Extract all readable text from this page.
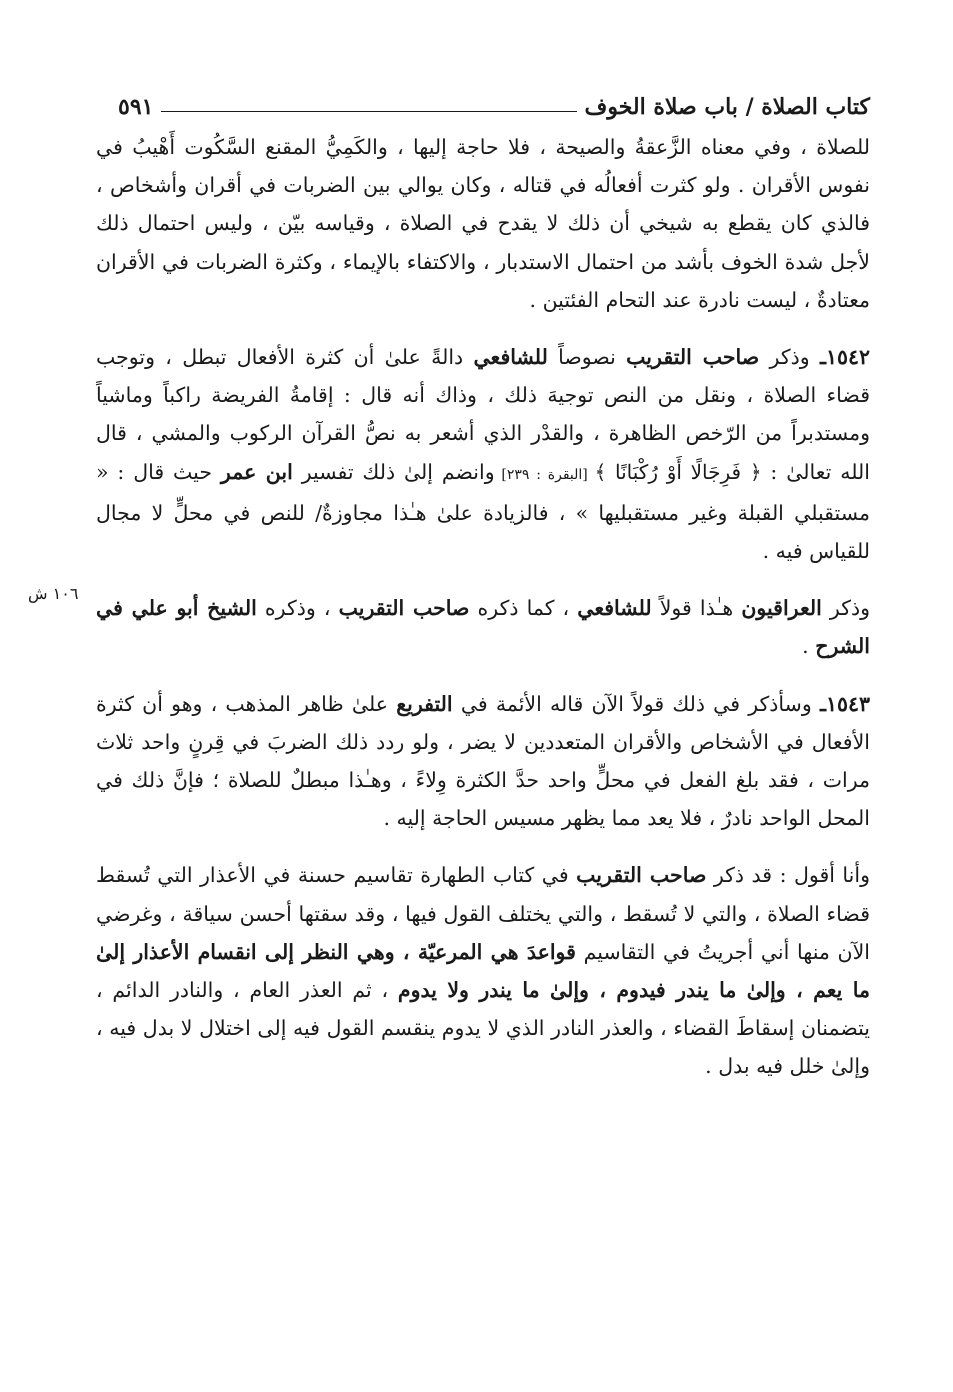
كتاب الصلاة / باب صلاة الخوف
٥٩١
١٠٦ ش

للصلاة ، وفي معناه الزَّعقةُ والصيحة ، فلا حاجة إليها ، والكَمِيُّ المقنع السَّكُوت أَهْيبُ في نفوس الأقران . ولو كثرت أفعالُه في قتاله ، وكان يوالي بين الضربات في أقران وأشخاص ، فالذي كان يقطع به شيخي أن ذلك لا يقدح في الصلاة ، وقياسه بيّن ، وليس احتمال ذلك لأجل شدة الخوف بأشد من احتمال الاستدبار ، والاكتفاء بالإيماء ، وكثرة الضربات في الأقران معتادةٌ ، ليست نادرة عند التحام الفئتين .

١٥٤٢ـ وذكر صاحب التقريب نصوصاً للشافعي دالةً علىٰ أن كثرة الأفعال تبطل ، وتوجب قضاء الصلاة ، ونقل من النص توجيهَ ذلك ، وذاك أنه قال : إقامةُ الفريضة راكباً وماشياً ومستدبراً من الرّخص الظاهرة ، والقدْر الذي أشعر به نصُّ القرآن الركوب والمشي ، قال الله تعالىٰ : ﴿ فَرِجَالًا أَوْ رُكْبَانًا ﴾ [البقرة : ٢٣٩] وانضم إلىٰ ذلك تفسير ابن عمر حيث قال : « مستقبلي القبلة وغير مستقبليها » ، فالزيادة علىٰ هـٰذا مجاوزةٌ/ للنص في محلٍّ لا مجال للقياس فيه .

وذكر العراقيون هـٰذا قولاً للشافعي ، كما ذكره صاحب التقريب ، وذكره الشيخ أبو علي في الشرح .

١٥٤٣ـ وسأذكر في ذلك قولاً الآن قاله الأئمة في التفريع علىٰ ظاهر المذهب ، وهو أن كثرة الأفعال في الأشخاص والأقران المتعددين لا يضر ، ولو ردد ذلك الضربَ في قِرنٍ واحد ثلاث مرات ، فقد بلغ الفعل في محلٍّ واحد حدَّ الكثرة وِلاءً ، وهـٰذا مبطلٌ للصلاة ؛ فإنَّ ذلك في المحل الواحد نادرٌ ، فلا يعد مما يظهر مسيس الحاجة إليه .

وأنا أقول : قد ذكر صاحب التقريب في كتاب الطهارة تقاسيم حسنة في الأعذار التي تُسقط قضاء الصلاة ، والتي لا تُسقط ، والتي يختلف القول فيها ، وقد سقتها أحسن سياقة ، وغرضي الآن منها أني أجريتُ في التقاسيم قواعدَ هي المرعيّة ، وهي النظر إلى انقسام الأعذار إلىٰ ما يعم ، وإلىٰ ما يندر فيدوم ، وإلىٰ ما يندر ولا يدوم ، ثم العذر العام ، والنادر الدائم ، يتضمنان إسقاطَ القضاء ، والعذر النادر الذي لا يدوم ينقسم القول فيه إلى اختلال لا بدل فيه ، وإلىٰ خلل فيه بدل .
